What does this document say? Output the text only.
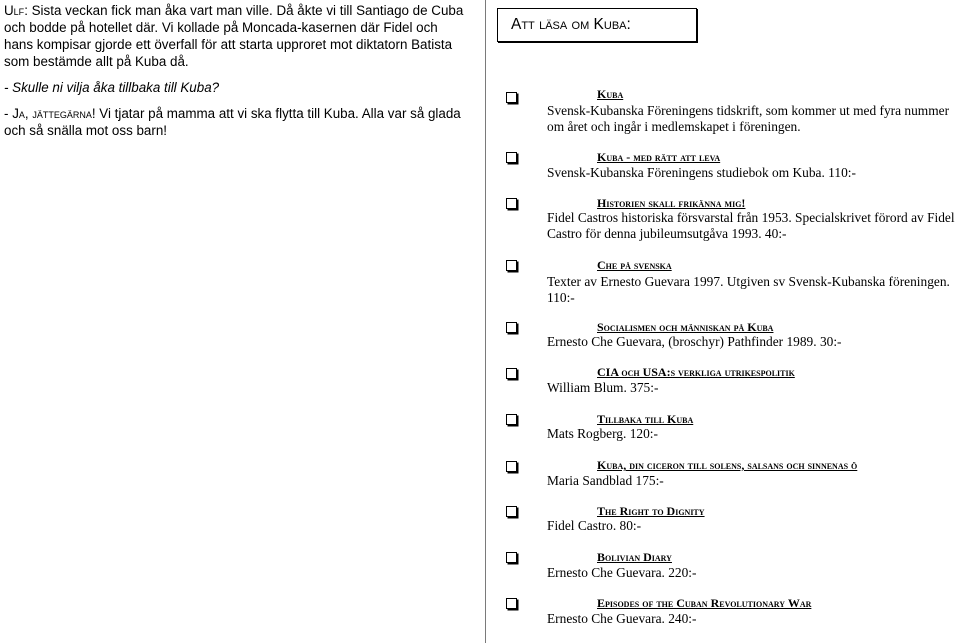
Ulf: Sista veckan fick man åka vart man ville. Då åkte vi till Santiago de Cuba och bodde på hotellet där. Vi kollade på Moncada-kasernen där Fidel och hans kompisar gjorde ett överfall för att starta upproret mot diktatorn Batista som bestämde allt på Kuba då.

- Skulle ni vilja åka tillbaka till Kuba?

- Ja, jättegärna! Vi tjatar på mamma att vi ska flytta till Kuba. Alla var så glada och så snälla mot oss barn!

Att läsa om Kuba:
Kuba
Svensk-Kubanska Föreningens tidskrift, som kommer ut med fyra nummer om året och ingår i medlemskapet i föreningen.
Kuba - med rätt att leva
Svensk-Kubanska Föreningens studiebok om Kuba. 110:-
Historien skall frikänna mig!
Fidel Castros historiska försvarstal från 1953. Specialskrivet förord av Fidel Castro för denna jubileumsutgåva 1993. 40:-
Che på svenska
Texter av Ernesto Guevara 1997. Utgiven sv Svensk-Kubanska föreningen. 110:-
Socialismen och människan på Kuba
Ernesto Che Guevara, (broschyr) Pathfinder 1989. 30:-
CIA och USA:s verkliga utrikespolitik
William Blum. 375:-
Tillbaka till Kuba
Mats Rogberg. 120:-
Kuba, din ciceron till solens, salsans och sinnenas ö
Maria Sandblad 175:-
The Right to Dignity
Fidel Castro. 80:-
Bolivian Diary
Ernesto Che Guevara. 220:-
Episodes of the Cuban Revolutionary War
Ernesto Che Guevara. 240:-
